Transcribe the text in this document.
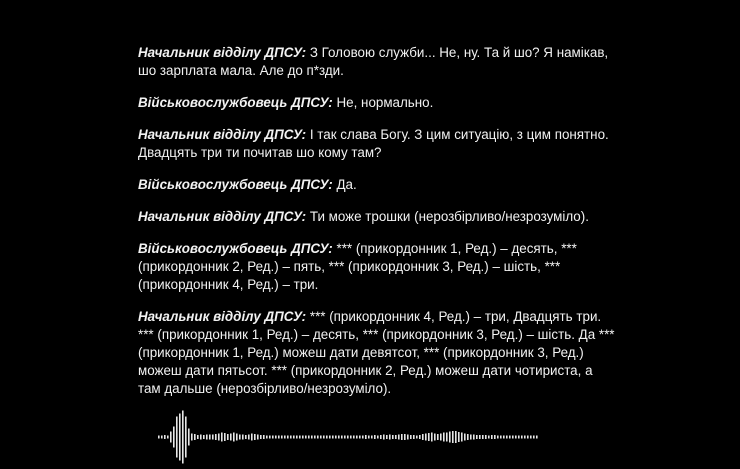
Начальник відділу ДПСУ: З Головою служби... Не, ну. Та й шо? Я намікав, шо зарплата мала. Але до п*зди.

Військовослужбовець ДПСУ: Не, нормально.

Начальник відділу ДПСУ: І так слава Богу. З цим ситуацію, з цим понятно. Двадцять три ти почитав шо кому там?

Військовослужбовець ДПСУ: Да.

Начальник відділу ДПСУ: Ти може трошки (нерозбірливо/незрозуміло).

Військовослужбовець ДПСУ: *** (прикордонник 1, Ред.) – десять, *** (прикордонник 2, Ред.) – пять, *** (прикордонник 3, Ред.) – шість, *** (прикордонник 4, Ред.) – три.

Начальник відділу ДПСУ: *** (прикордонник 4, Ред.) – три, Двадцять три. *** (прикордонник 1, Ред.) – десять, *** (прикордонник 3, Ред.) – шість. Да *** (прикордонник 1, Ред.) можеш дати девятсот, *** (прикордонник 3, Ред.) можеш дати пятьсот. *** (прикордонник 2, Ред.) можеш дати чотириста, а там дальше (нерозбірливо/незрозуміло).
